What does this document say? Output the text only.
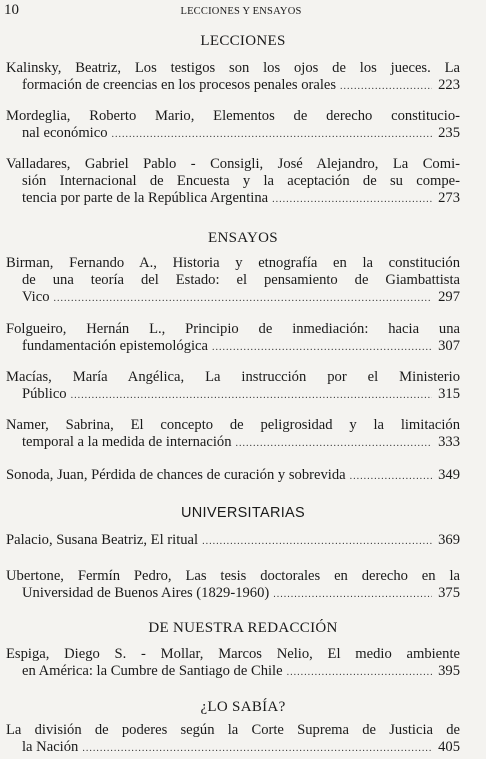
10	LECCIONES Y ENSAYOS
LECCIONES
Kalinsky, Beatriz, Los testigos son los ojos de los jueces. La
formación de creencias en los procesos penales orales .....	223
Mordeglia, Roberto Mario, Elementos de derecho constitucio-
nal económico .....	235
Valladares, Gabriel Pablo - Consigli, José Alejandro, La Comi-
sión Internacional de Encuesta y la aceptación de su compe-
tencia por parte de la República Argentina .....	273
ENSAYOS
Birman, Fernando A., Historia y etnografía en la constitución
de una teoría del Estado: el pensamiento de Giambattista
Vico .....	297
Folgueiro, Hernán L., Principio de inmediación: hacia una
fundamentación epistemológica .....	307
Macías, María Angélica, La instrucción por el Ministerio
Público .....	315
Namer, Sabrina, El concepto de peligrosidad y la limitación
temporal a la medida de internación .....	333
Sonoda, Juan, Pérdida de chances de curación y sobrevida .....	349
UNIVERSITARIAS
Palacio, Susana Beatriz, El ritual .....	369
Ubertone, Fermín Pedro, Las tesis doctorales en derecho en la
Universidad de Buenos Aires (1829-1960) .....	375
DE NUESTRA REDACCIÓN
Espiga, Diego S. - Mollar, Marcos Nelio, El medio ambiente
en América: la Cumbre de Santiago de Chile .....	395
¿LO SABÍA?
La división de poderes según la Corte Suprema de Justicia de
la Nación .....	405
